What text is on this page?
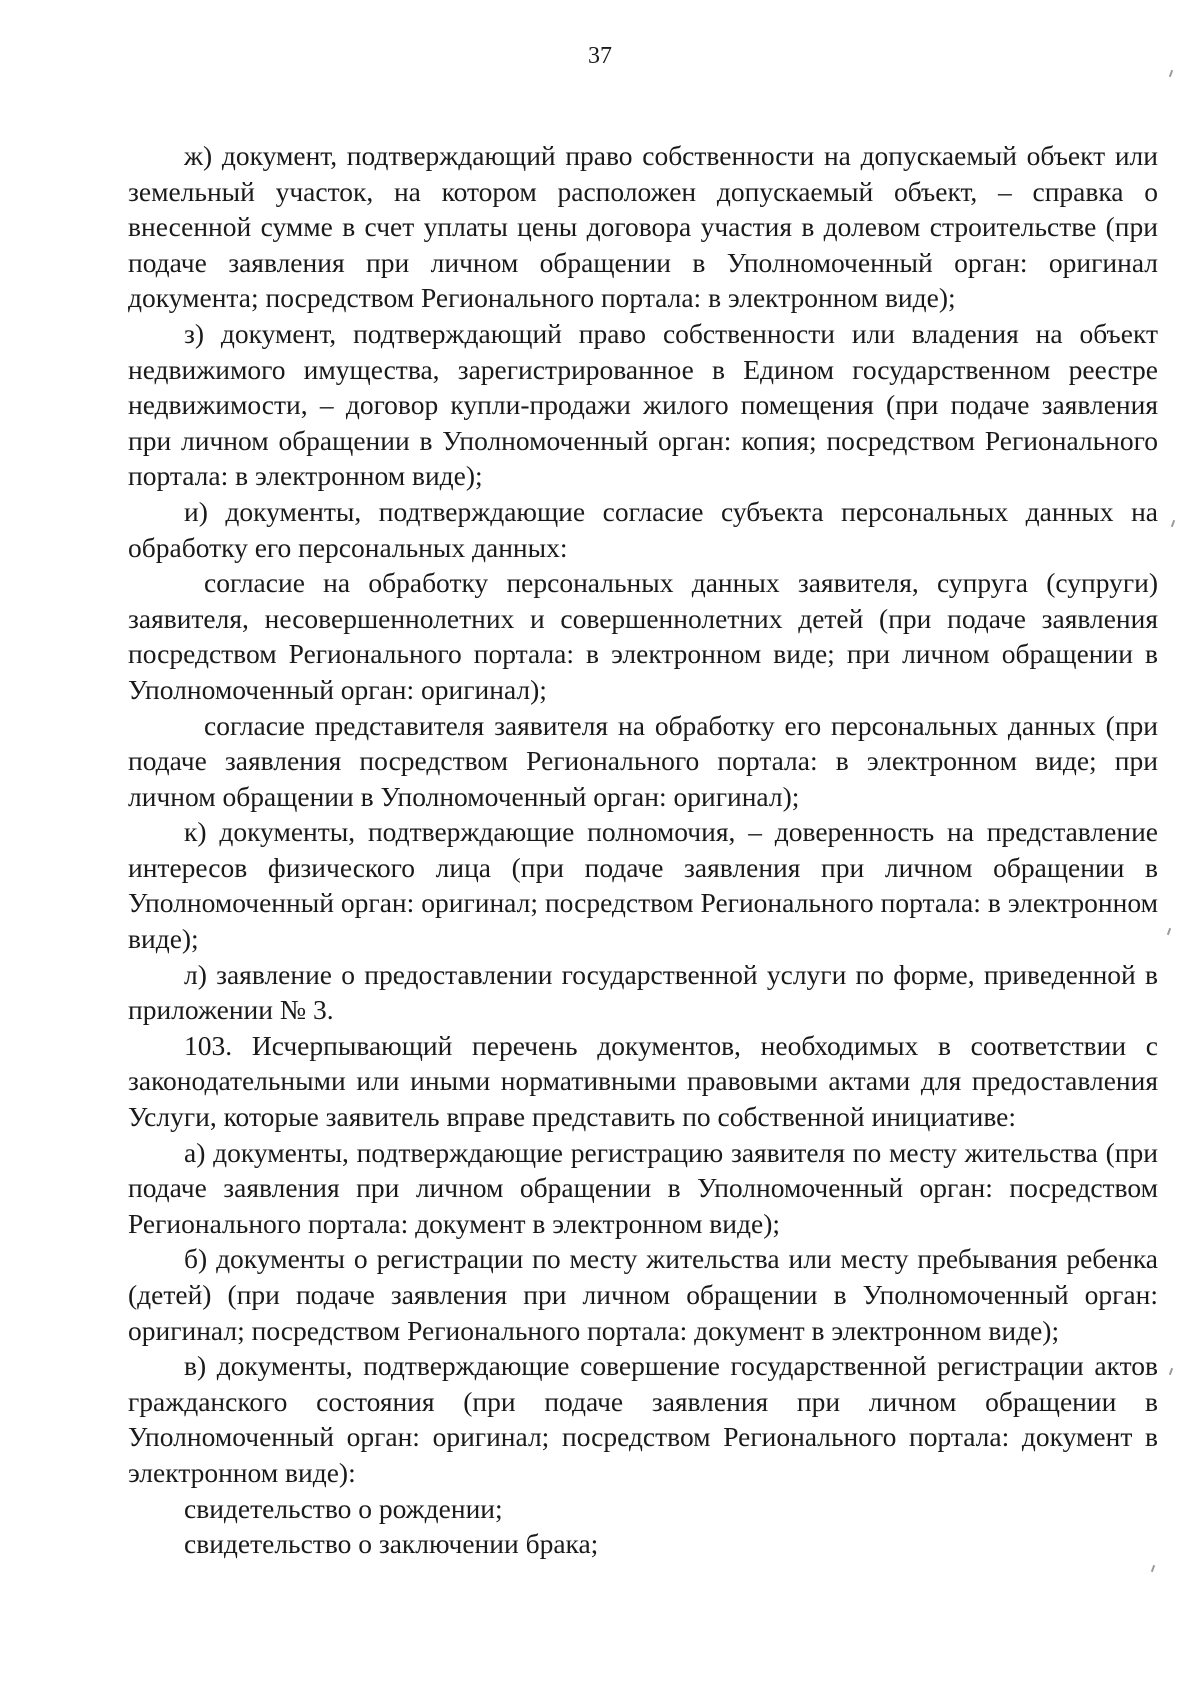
37

ж) документ, подтверждающий право собственности на допускаемый объект или земельный участок, на котором расположен допускаемый объект, – справка о внесенной сумме в счет уплаты цены договора участия в долевом строительстве (при подаче заявления при личном обращении в Уполномоченный орган: оригинал документа; посредством Регионального портала: в электронном виде);

з) документ, подтверждающий право собственности или владения на объект недвижимого имущества, зарегистрированное в Едином государственном реестре недвижимости, – договор купли-продажи жилого помещения (при подаче заявления при личном обращении в Уполномоченный орган: копия; посредством Регионального портала: в электронном виде);

и) документы, подтверждающие согласие субъекта персональных данных на обработку его персональных данных:

согласие на обработку персональных данных заявителя, супруга (супруги) заявителя, несовершеннолетних и совершеннолетних детей (при подаче заявления посредством Регионального портала: в электронном виде; при личном обращении в Уполномоченный орган: оригинал);

согласие представителя заявителя на обработку его персональных данных (при подаче заявления посредством Регионального портала: в электронном виде; при личном обращении в Уполномоченный орган: оригинал);

к) документы, подтверждающие полномочия, – доверенность на представление интересов физического лица (при подаче заявления при личном обращении в Уполномоченный орган: оригинал; посредством Регионального портала: в электронном виде);

л) заявление о предоставлении государственной услуги по форме, приведенной в приложении № 3.

103. Исчерпывающий перечень документов, необходимых в соответствии с законодательными или иными нормативными правовыми актами для предоставления Услуги, которые заявитель вправе представить по собственной инициативе:

а) документы, подтверждающие регистрацию заявителя по месту жительства (при подаче заявления при личном обращении в Уполномоченный орган: посредством Регионального портала: документ в электронном виде);

б) документы о регистрации по месту жительства или месту пребывания ребенка (детей) (при подаче заявления при личном обращении в Уполномоченный орган: оригинал; посредством Регионального портала: документ в электронном виде);

в) документы, подтверждающие совершение государственной регистрации актов гражданского состояния (при подаче заявления при личном обращении в Уполномоченный орган: оригинал; посредством Регионального портала: документ в электронном виде):

свидетельство о рождении;

свидетельство о заключении брака;
